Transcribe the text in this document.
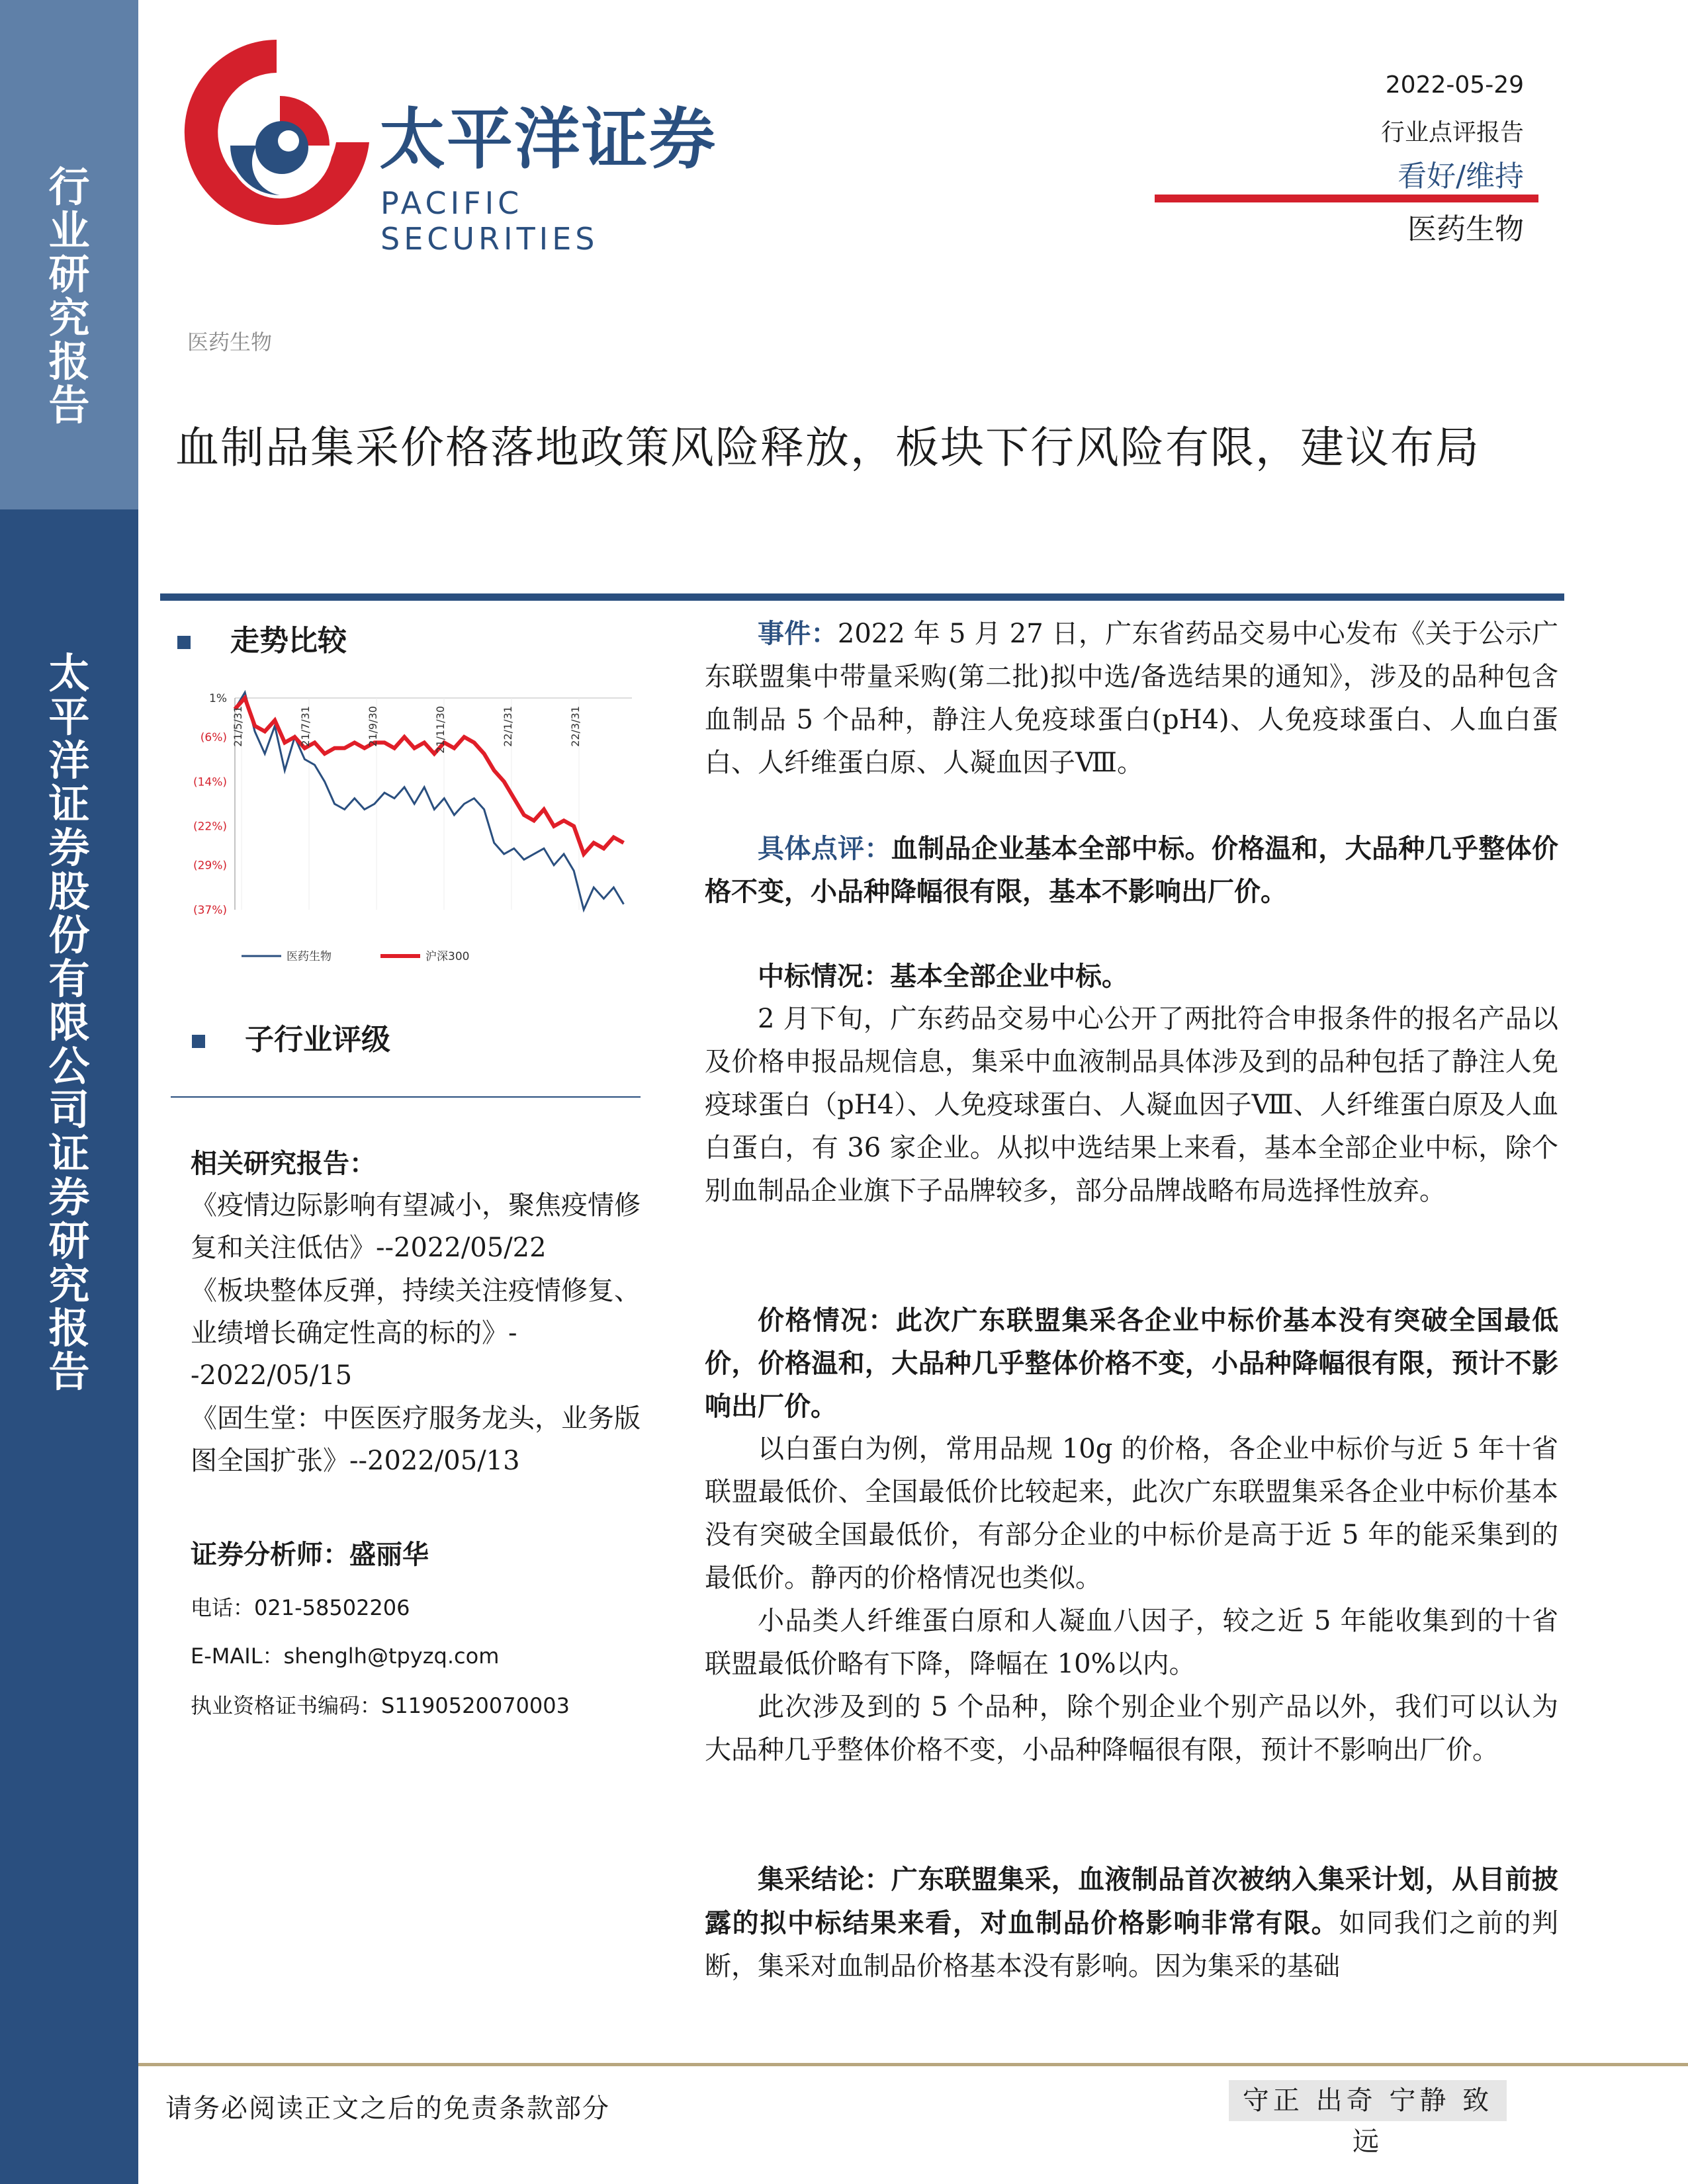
行
业
研
究
报
告
太
平
洋
证
券
股
份
有
限
公
司
证
券
研
究
报
告
太平洋证券
PACIFIC SECURITIES
2022-05-29
行业点评报告
看好/维持
医药生物
医药生物
血制品集采价格落地政策风险释放，板块下行风险有限，建议布局
走势比较
1%
(6%)
(14%)
(22%)
(29%)
(37%)
21/5/31	21/7/31	21/9/30	21/11/30	22/1/31	22/3/31
医药生物	沪深300
子行业评级
相关研究报告：
《疫情边际影响有望减小，聚焦疫情修复和关注低估》--2022/05/22
《板块整体反弹，持续关注疫情修复、业绩增长确定性高的标的》--2022/05/15
《固生堂：中医医疗服务龙头，业务版图全国扩张》--2022/05/13
证券分析师：盛丽华
电话：021-58502206
E-MAIL：shenglh@tpyzq.com
执业资格证书编码：S1190520070003

事件：2022 年 5 月 27 日，广东省药品交易中心发布《关于公示广东联盟集中带量采购(第二批)拟中选/备选结果的通知》，涉及的品种包含血制品 5 个品种，静注人免疫球蛋白(pH4)、人免疫球蛋白、人血白蛋白、人纤维蛋白原、人凝血因子Ⅷ。

具体点评：血制品企业基本全部中标。价格温和，大品种几乎整体价格不变，小品种降幅很有限，基本不影响出厂价。

中标情况：基本全部企业中标。

2 月下旬，广东药品交易中心公开了两批符合申报条件的报名产品以及价格申报品规信息，集采中血液制品具体涉及到的品种包括了静注人免疫球蛋白（pH4）、人免疫球蛋白、人凝血因子Ⅷ、人纤维蛋白原及人血白蛋白，有 36 家企业。从拟中选结果上来看，基本全部企业中标，除个别血制品企业旗下子品牌较多，部分品牌战略布局选择性放弃。

价格情况：此次广东联盟集采各企业中标价基本没有突破全国最低价，价格温和，大品种几乎整体价格不变，小品种降幅很有限，预计不影响出厂价。

以白蛋白为例，常用品规 10g 的价格，各企业中标价与近 5 年十省联盟最低价、全国最低价比较起来，此次广东联盟集采各企业中标价基本没有突破全国最低价，有部分企业的中标价是高于近 5 年的能采集到的最低价。静丙的价格情况也类似。

小品类人纤维蛋白原和人凝血八因子，较之近 5 年能收集到的十省联盟最低价略有下降，降幅在 10%以内。

此次涉及到的 5 个品种，除个别企业个别产品以外，我们可以认为大品种几乎整体价格不变，小品种降幅很有限，预计不影响出厂价。

集采结论：广东联盟集采，血液制品首次被纳入集采计划，从目前披露的拟中标结果来看，对血制品价格影响非常有限。如同我们之前的判断，集采对血制品价格基本没有影响。因为集采的基础

请务必阅读正文之后的免责条款部分	守正 出奇 宁静 致远
